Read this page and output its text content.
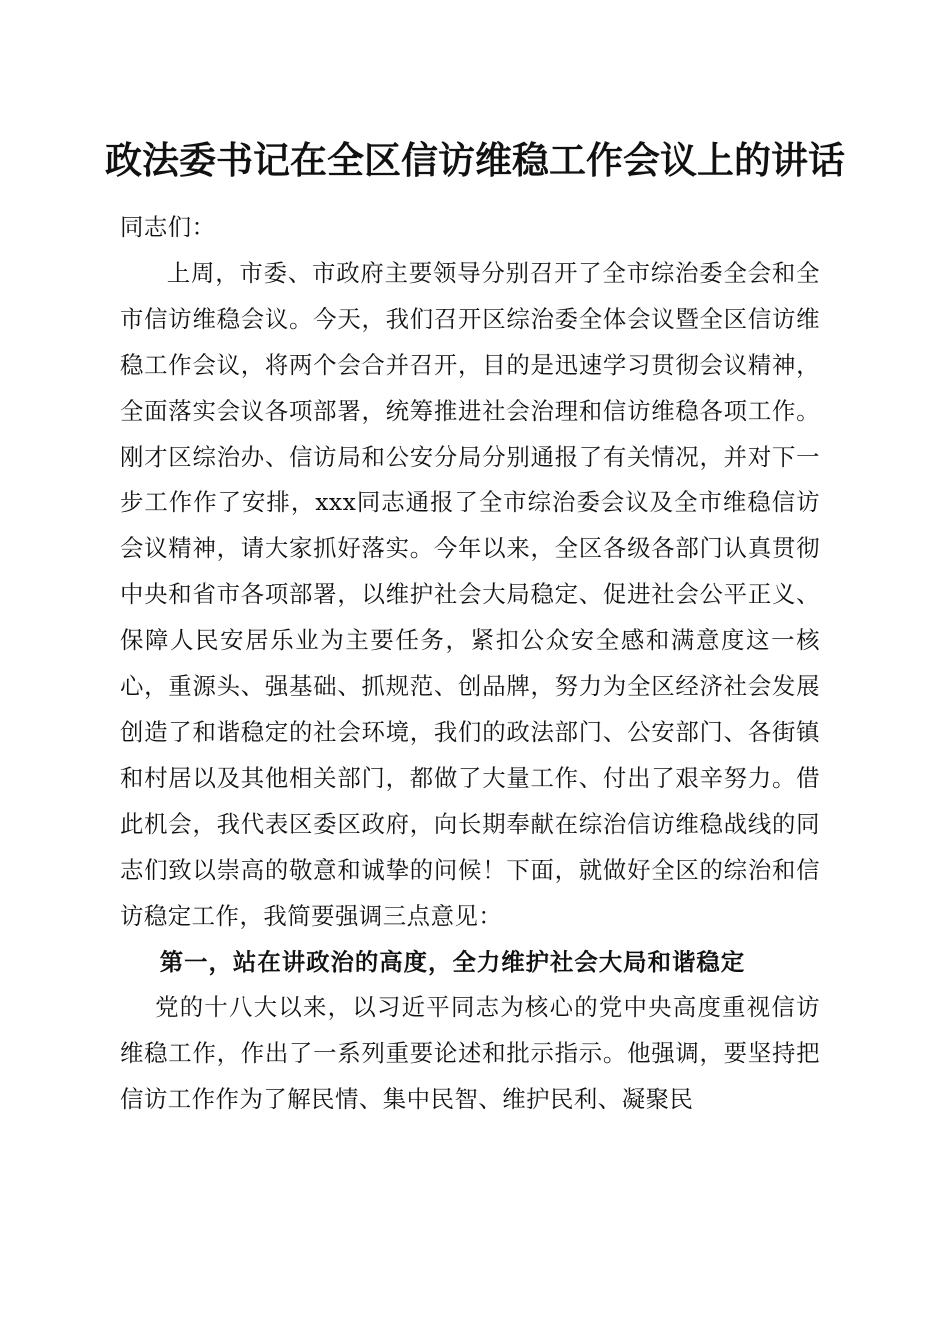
政法委书记在全区信访维稳工作会议上的讲话

同志们：

上周，市委、市政府主要领导分别召开了全市综治委全会和全市信访维稳会议。今天，我们召开区综治委全体会议暨全区信访维稳工作会议，将两个会合并召开，目的是迅速学习贯彻会议精神，全面落实会议各项部署，统筹推进社会治理和信访维稳各项工作。刚才区综治办、信访局和公安分局分别通报了有关情况，并对下一步工作作了安排，xxx同志通报了全市综治委会议及全市维稳信访会议精神，请大家抓好落实。今年以来，全区各级各部门认真贯彻中央和省市各项部署，以维护社会大局稳定、促进社会公平正义、保障人民安居乐业为主要任务，紧扣公众安全感和满意度这一核心，重源头、强基础、抓规范、创品牌，努力为全区经济社会发展创造了和谐稳定的社会环境，我们的政法部门、公安部门、各街镇和村居以及其他相关部门，都做了大量工作、付出了艰辛努力。借此机会，我代表区委区政府，向长期奉献在综治信访维稳战线的同志们致以崇高的敬意和诚挚的问候！下面，就做好全区的综治和信访稳定工作，我简要强调三点意见：

第一，站在讲政治的高度，全力维护社会大局和谐稳定

党的十八大以来，以习近平同志为核心的党中央高度重视信访维稳工作，作出了一系列重要论述和批示指示。他强调，要坚持把信访工作作为了解民情、集中民智、维护民利、凝聚民
